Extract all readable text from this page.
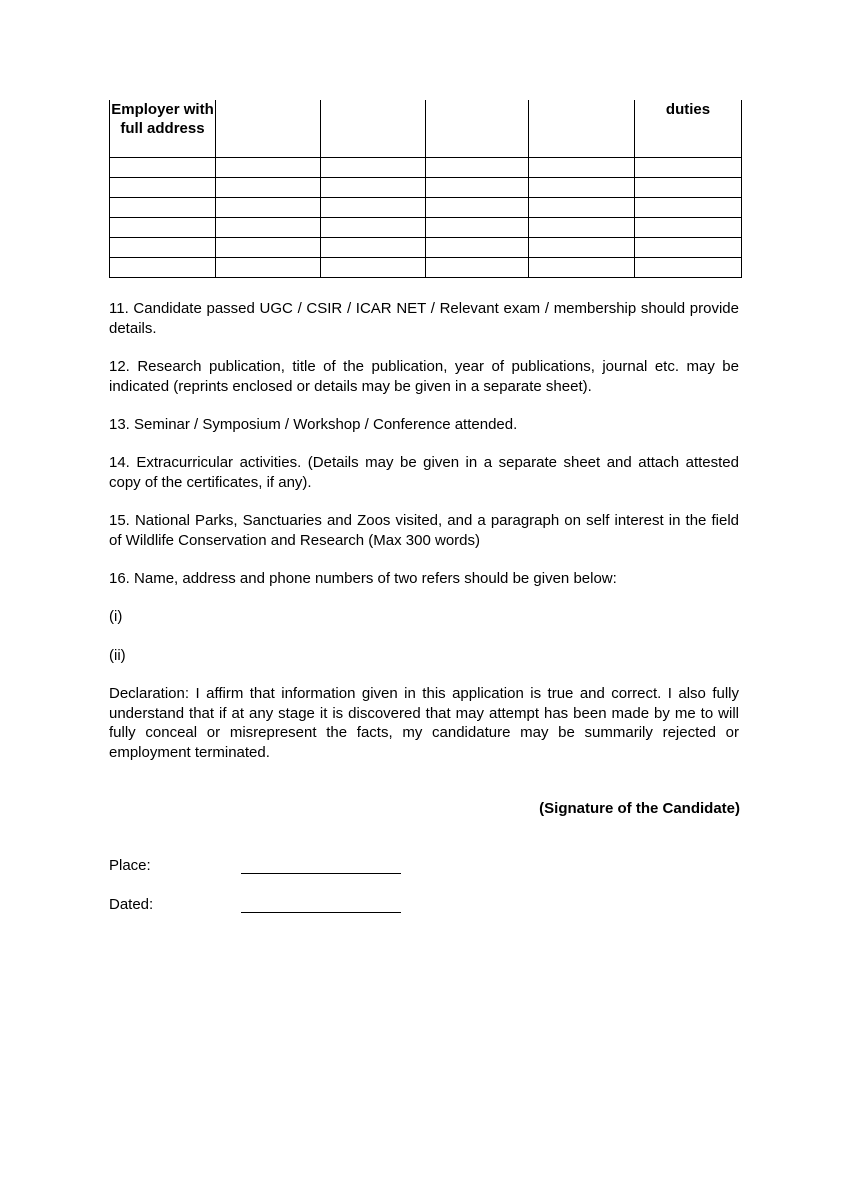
Employer with full address					duties

11. Candidate passed UGC / CSIR / ICAR NET / Relevant exam / membership should provide details.

12. Research publication, title of the publication, year of publications, journal etc. may be indicated (reprints enclosed or details may be given in a separate sheet).

13. Seminar / Symposium / Workshop / Conference attended.

14. Extracurricular activities. (Details may be given in a separate sheet and attach attested copy of the certificates, if any).

15. National Parks, Sanctuaries and Zoos visited, and a paragraph on self interest in the field of Wildlife Conservation and Research (Max 300 words)

16. Name, address and phone numbers of two refers should be given below:

(i)

(ii)

Declaration: I affirm that information given in this application is true and correct. I also fully understand that if at any stage it is discovered that may attempt has been made by me to will fully conceal or misrepresent the facts, my candidature may be summarily rejected or employment terminated.

(Signature of the Candidate)

Place:
Dated:
